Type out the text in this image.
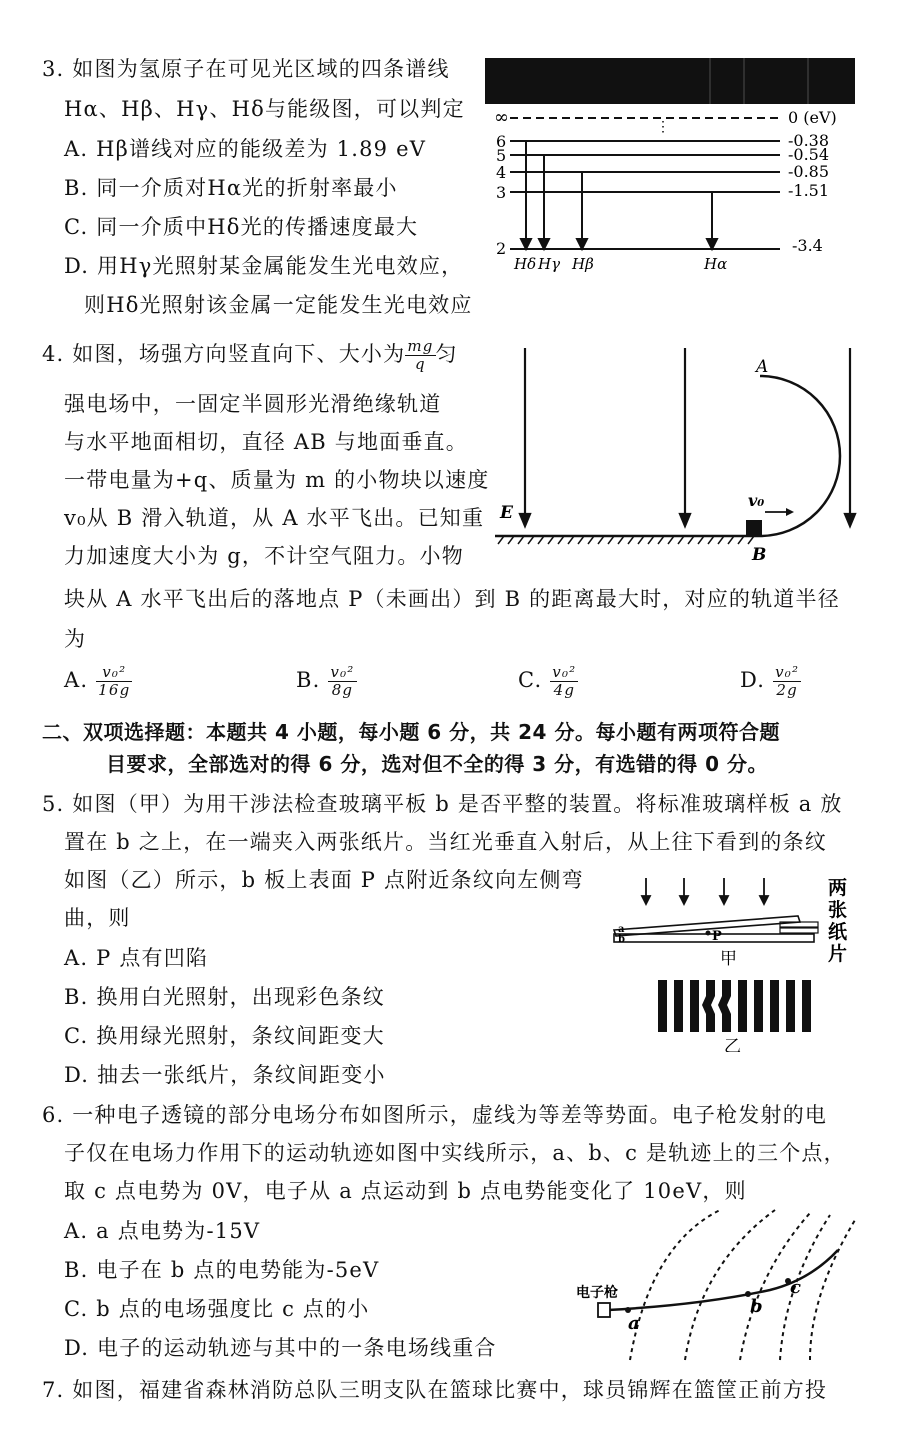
3. 如图为氢原子在可见光区域的四条谱线
Hα、Hβ、Hγ、Hδ与能级图，可以判定
A. Hβ谱线对应的能级差为 1.89 eV
B. 同一介质对Hα光的折射率最小
C. 同一介质中Hδ光的传播速度最大
D. 用Hγ光照射某金属能发生光电效应，
则Hδ光照射该金属一定能发生光电效应
⋮
∞
6
5
4
3
2
0 (eV)
-0.38
-0.54
-0.85
-1.51
-3.4
Hδ Hγ Hβ	Hα
4. 如图，场强方向竖直向下、大小为 $\frac{mg}{q}$ 匀
强电场中，一固定半圆形光滑绝缘轨道
与水平地面相切，直径 AB 与地面垂直。
一带电量为+q、质量为 m 的小物块以速度
v₀从 B 滑入轨道，从 A 水平飞出。已知重
力加速度大小为 g，不计空气阻力。小物
块从 A 水平飞出后的落地点 P（未画出）到 B 的距离最大时，对应的轨道半径
为
A. $\frac{\text{v₀²}}{16g}$	B. $\frac{\text{v₀²}}{8g}$	C. $\frac{\text{v₀²}}{4g}$	D. $\frac{\text{v₀²}}{2g}$
v₀
A
B
E
二、双项选择题：本题共 4 小题，每小题 6 分，共 24 分。每小题有两项符合题
目要求，全部选对的得 6 分，选对但不全的得 3 分，有选错的得 0 分。
5. 如图（甲）为用干涉法检查玻璃平板 b 是否平整的装置。将标准玻璃样板 a 放
置在 b 之上，在一端夹入两张纸片。当红光垂直入射后，从上往下看到的条纹
如图（乙）所示，b 板上表面 P 点附近条纹向左侧弯
曲，则
A. P 点有凹陷
B. 换用白光照射，出现彩色条纹
C. 换用绿光照射，条纹间距变大
D. 抽去一张纸片，条纹间距变小
a
b	P
甲
两
张
纸
片
乙
6. 一种电子透镜的部分电场分布如图所示，虚线为等差等势面。电子枪发射的电
子仅在电场力作用下的运动轨迹如图中实线所示，a、b、c 是轨迹上的三个点，
取 c 点电势为 0V，电子从 a 点运动到 b 点电势能变化了 10eV，则
A. a 点电势为-15V
B. 电子在 b 点的电势能为-5eV
C. b 点的电场强度比 c 点的小
D. 电子的运动轨迹与其中的一条电场线重合
电子枪
a
b
c
7. 如图，福建省森林消防总队三明支队在篮球比赛中，球员锦辉在篮筐正前方投
